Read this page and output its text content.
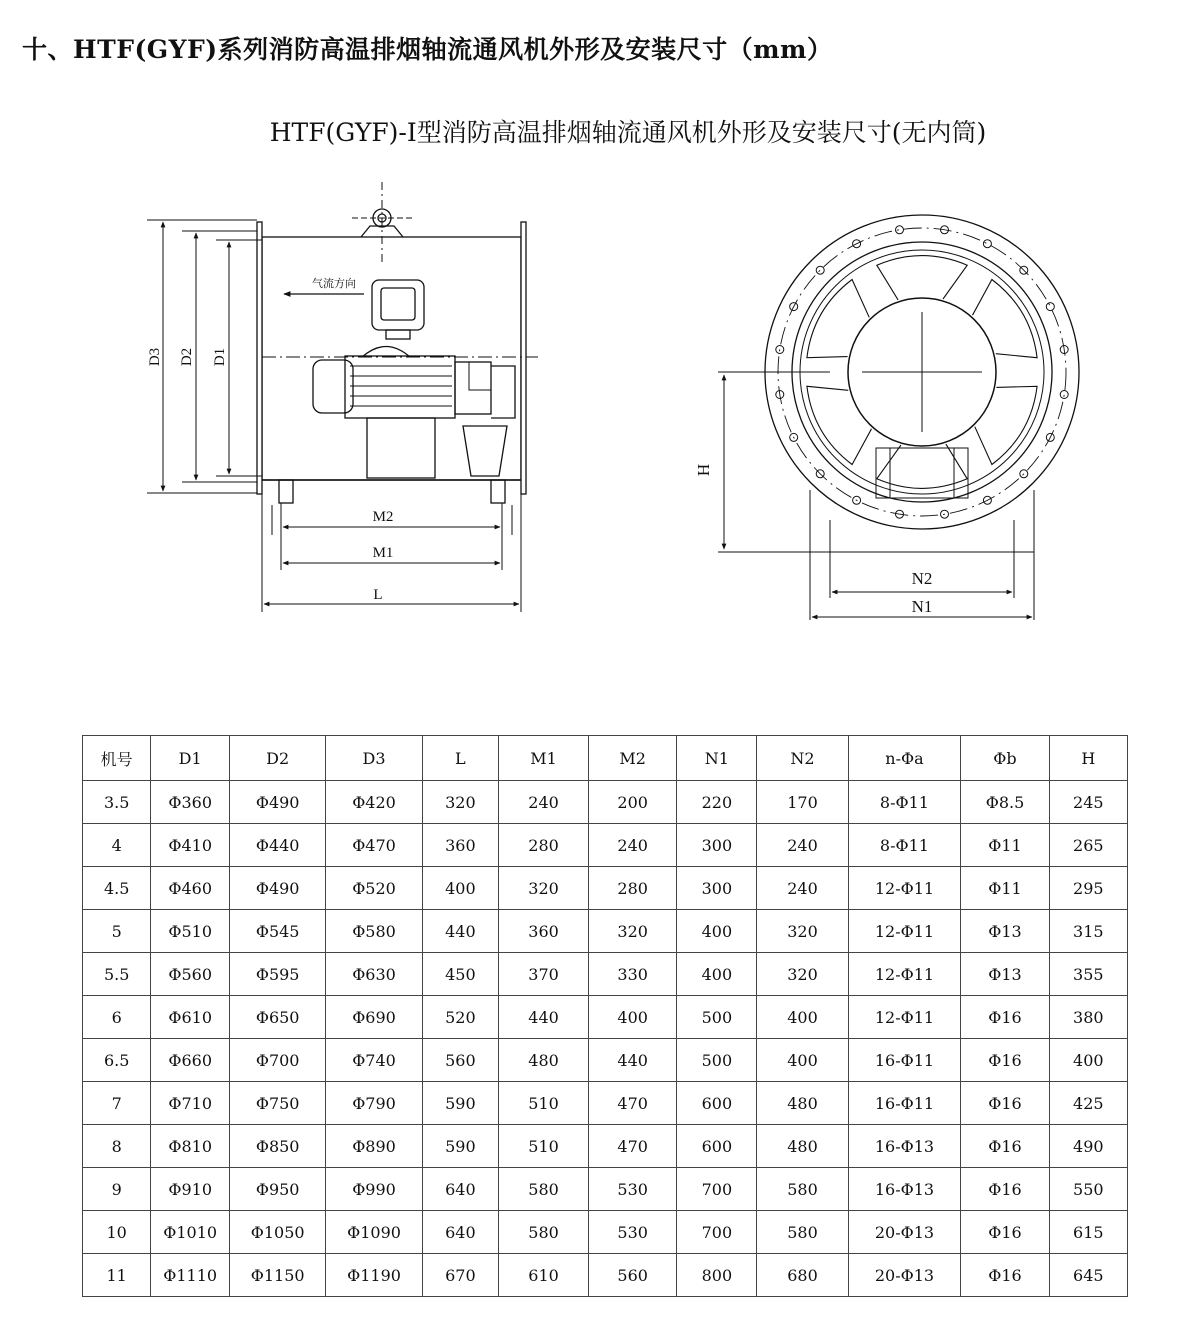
十、HTF(GYF)系列消防高温排烟轴流通风机外形及安装尺寸（mm）
HTF(GYF)-Ⅰ型消防高温排烟轴流通风机外形及安装尺寸(无内筒)
气流方向
D3 D2 D1
M2
M1
L
H
N2
N1
机号	D1	D2	D3	L	M1	M2	N1	N2	n-Φa	Φb	H
3.5	Φ360	Φ490	Φ420	320	240	200	220	170	8-Φ11	Φ8.5	245
4	Φ410	Φ440	Φ470	360	280	240	300	240	8-Φ11	Φ11	265
4.5	Φ460	Φ490	Φ520	400	320	280	300	240	12-Φ11	Φ11	295
5	Φ510	Φ545	Φ580	440	360	320	400	320	12-Φ11	Φ13	315
5.5	Φ560	Φ595	Φ630	450	370	330	400	320	12-Φ11	Φ13	355
6	Φ610	Φ650	Φ690	520	440	400	500	400	12-Φ11	Φ16	380
6.5	Φ660	Φ700	Φ740	560	480	440	500	400	16-Φ11	Φ16	400
7	Φ710	Φ750	Φ790	590	510	470	600	480	16-Φ11	Φ16	425
8	Φ810	Φ850	Φ890	590	510	470	600	480	16-Φ13	Φ16	490
9	Φ910	Φ950	Φ990	640	580	530	700	580	16-Φ13	Φ16	550
10	Φ1010	Φ1050	Φ1090	640	580	530	700	580	20-Φ13	Φ16	615
11	Φ1110	Φ1150	Φ1190	670	610	560	800	680	20-Φ13	Φ16	645
